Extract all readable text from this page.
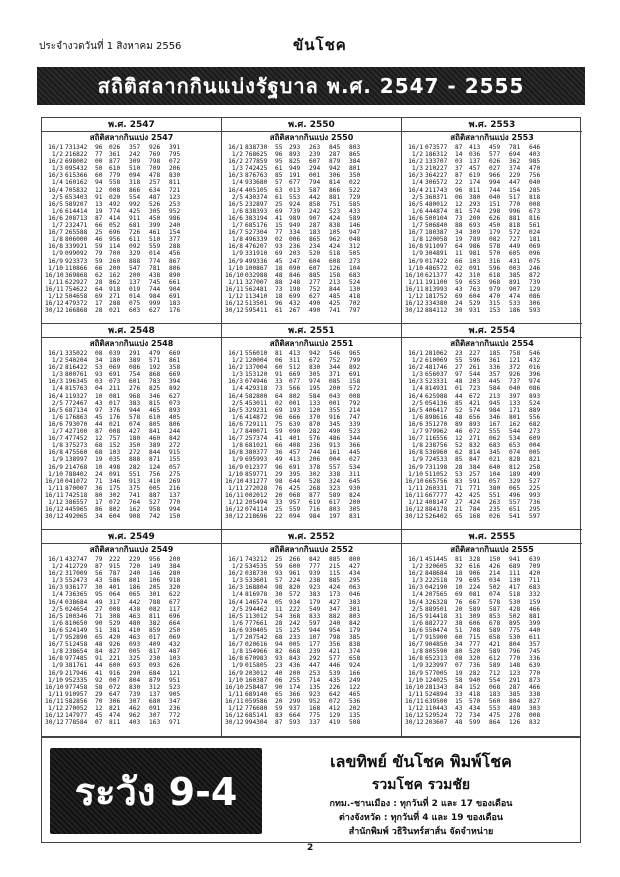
ประจำงวดวันที่ 1 สิงหาคม 2556	ขันโชค
สถิติสลากกินแบ่งรัฐบาล พ.ศ. 2547 - 2555
พ.ศ. 2547
สถิติสลากกินแบ่ง 2547
16/1 731342	96	026	357	926	391
1/2 216822	77	361	242	769	795
16/2 698002	00	877	309	798	072
1/3 095432	50	610	510	709	206
16/3 615366	60	779	094	478	830
1/4 160162	94	558	318	257	811
16/4 705832	12	008	866	634	721
2/5 653403	91	020	554	487	123
16/5 589207	13	492	992	526	253
1/6 614414	19	774	425	305	952
16/6 208713	87	414	911	450	986
1/7 232471	66	052	681	399	240
16/7 265588	25	696	726	461	154
1/8 806000	46	956	611	510	377
16/8 339921	59	114	092	559	288
1/9 099092	79	700	329	014	456
16/9 923373	59	260	888	774	867
1/10 110866	66	200	547	781	806
16/10 369868	62	162	200	438	890
1/11 622927	28	862	137	745	661
16/11 754622	64	918	019	744	904
1/12 504658	69	271	014	984	691
16/12 479372	17	288	075	999	183
30/12 166868	28	021	603	627	176
พ.ศ. 2550
สถิติสลากกินแบ่ง 2550
16/1 838730	55	293	263	845	803
1/2 768625	96	893	239	287	865
16/2 277859	95	825	607	879	384
1/3 742425	61	949	294	942	801
16/3 876763	85	191	001	306	350
1/4 933680	57	677	794	814	022
16/4 405105	63	013	587	866	522
2/5 430374	61	553	442	881	729
16/5 232897	25	924	858	751	585
1/6 838393	69	739	242	523	433
16/6 383194	41	989	907	424	589
1/7 685176	15	949	287	838	146
16/7 527304	77	334	183	105	947
1/8 496339	02	006	865	962	048
16/8 476207	93	236	234	424	312
1/9 331910	69	203	520	518	505
16/9 499336	45	247	604	608	273
1/10 100867	18	090	607	126	104
16/10 032988	48	846	885	158	683
1/11 327007	88	248	277	213	524
16/11 562481	73	198	752	844	130
1/12 113410	18	699	627	485	418
16/12 513501	96	432	490	425	702
30/12 595411	61	267	490	741	797
พ.ศ. 2553
สถิติสลากกินแบ่ง 2553
16/1 073577	87	413	459	781	646
1/2 186312	14	036	577	694	403
16/2 133707	03	137	026	362	985
1/3 210227	37	457	027	374	470
16/3 364227	87	619	966	229	756
1/4 306572	22	174	994	447	040
16/4 211743	96	811	744	154	285
2/5 360371	06	380	040	517	818
16/5 480012	12	293	151	770	008
1/6 444874	81	574	298	996	673
16/6 500104	73	200	626	881	816
1/7 506840	88	693	450	818	561
16/7 180387	34	309	179	572	024
1/8 120058	19	789	082	727	181
16/8 911097	64	986	578	449	069
1/9 304891	11	981	570	605	096
16/9 017422	66	103	316	431	075
1/10 486572	02	091	596	003	246
16/10 621377	42	310	618	385	872
1/11 191100	59	653	968	891	739
16/11 813993	43	763	979	907	129
1/12 181752	69	604	470	474	086
16/12 334380	24	529	315	533	306
30/12 884112	30	931	153	186	593
พ.ศ. 2548
สถิติสลากกินแบ่ง 2548
16/1 335022	08	039	291	479	669
1/2 540204	34	180	389	571	861
16/2 816422	53	069	086	192	358
1/3 800761	93	691	754	868	669
16/3 196345	03	073	601	783	394
1/4 815763	04	211	276	825	892
16/4 119327	10	081	968	346	627
2/5 772467	43	017	383	815	073
16/5 687134	97	376	944	465	893
1/6 176863	45	176	578	610	405
16/6 793070	44	021	074	805	806
1/7 427100	87	008	427	841	244
16/7 477452	12	757	180	460	842
1/8 375273	68	152	350	389	272
16/8 475560	68	103	272	844	915
1/9 138997	19	035	888	871	155
16/9 214768	10	498	282	124	057
1/10 788402	24	091	551	756	275
16/10 041072	71	346	913	410	269
1/11 870007	36	175	375	005	216
16/11 742518	80	302	741	887	137
1/12 386557	17	072	764	527	770
16/12 445965	86	802	162	958	994
30/12 492065	34	604	908	742	150
พ.ศ. 2551
สถิติสลากกินแบ่ง 2551
16/1 556010	81	413	942	546	965
1/2 120004	06	311	672	752	799
16/2 137004	60	512	830	344	892
1/3 153120	91	669	305	371	691
16/3 074946	33	077	974	085	158
1/4 429318	73	566	195	200	572
16/4 582800	64	802	584	043	008
2/5 453011	02	001	133	001	792
16/5 329231	69	193	120	355	214
1/6 414872	96	666	370	916	747
16/6 729111	75	639	870	345	339
1/7 840071	59	090	282	490	523
16/7 257374	41	401	576	486	344
1/8 681021	66	408	236	913	366
16/8 380377	36	457	744	161	445
1/9 695993	49	413	206	004	027
16/9 012377	96	691	378	557	534
1/10 859771	29	395	302	338	311
16/10 431277	98	644	528	324	645
1/11 272028	76	425	268	323	930
16/11 002012	20	068	877	589	824
1/12 205494	33	957	619	617	200
16/12 074114	25	559	716	803	305
30/12 218696	22	094	984	197	831
พ.ศ. 2554
สถิติสลากกินแบ่ง 2554
16/1 281062	23	227	185	758	546
1/2 610069	55	596	361	121	432
16/2 481746	27	261	336	372	016
1/3 656037	97	544	357	926	396
16/3 523331	48	203	445	737	974
1/4 814931	01	723	584	040	086
16/4 625988	44	672	213	397	893
2/5 054136	85	421	945	133	524
16/5 406417	52	574	984	171	889
1/6 898616	48	656	346	801	556
16/6 351270	89	893	167	162	682
1/7 979962	46	072	555	544	273
16/7 116556	12	271	062	534	609
1/8 238756	52	832	683	653	004
16/8 536960	62	814	345	074	005
1/9 724533	85	847	021	828	821
16/9 731198	28	384	640	812	258
1/10 511052	53	257	104	189	499
16/10 665756	83	591	057	329	527
1/11 260331	71	771	380	065	225
16/11 667777	42	425	551	496	993
1/12 408147	27	424	263	557	736
16/12 884178	21	784	235	651	295
30/12 526402	65	168	026	541	597
พ.ศ. 2549
สถิติสลากกินแบ่ง 2549
16/1 432747	79	222	229	956	200
1/2 412729	87	915	720	149	384
16/2 317009	56	787	240	146	280
1/3 552473	43	586	801	106	918
16/3 936177	30	401	186	205	320
1/4 736365	95	064	065	301	622
16/4 038684	49	317	442	788	677
2/5 024654	27	008	438	082	117
16/5 100346	71	308	463	811	696
1/6 810650	90	529	480	382	664
16/6 524149	51	381	410	859	250
1/7 952890	65	420	463	017	069
16/7 512458	48	926	093	409	432
1/8 238654	84	827	005	817	487
16/8 977485	91	221	325	230	103
1/9 381761	44	600	693	093	626
16/9 217946	41	916	290	684	121
1/10 952335	92	007	804	879	951
16/10 977458	58	072	830	312	523
1/11 910957	29	647	739	137	905
16/11 582856	70	306	307	680	347
1/12 270052	12	821	462	091	236
16/12 147977	45	474	962	307	772
30/12 778584	07	811	403	163	971
พ.ศ. 2552
สถิติสลากกินแบ่ง 2552
16/1 743212	25	266	842	885	800
1/2 534535	59	600	777	215	427
16/2 038730	93	961	939	115	434
1/3 533601	57	224	238	885	295
16/3 168804	98	820	923	424	063
1/4 816978	30	572	383	173	046
16/4 146574	05	934	179	427	383
2/5 294462	11	222	549	347	301
16/5 113012	54	368	833	882	803
1/6 777661	28	242	597	240	842
16/6 930405	15	125	944	954	179
1/7 207542	68	233	107	798	385
16/7 020616	94	005	177	356	838
1/8 154966	82	668	239	421	374
16/8 670983	93	843	292	577	658
1/9 015805	23	436	447	446	924
16/9 203012	40	200	253	539	166
1/10 160387	06	255	714	435	249
16/10 258487	90	174	135	226	122
1/11 689140	65	366	923	642	465
16/11 059586	20	299	952	072	536
1/12 776680	59	937	168	412	202
16/12 685141	83	664	775	129	135
30/12 994304	87	593	337	419	508
พ.ศ. 2555
สถิติสลากกินแบ่ง 2555
16/1 451445	81	328	150	941	639
1/2 320605	32	616	426	689	709
16/2 848684	18	906	214	111	420
1/3 222518	79	695	034	130	711
16/3 042190	10	224	502	417	683
1/4 207565	69	081	074	518	332
16/4 326328	76	667	578	530	159
2/5 889501	20	589	587	428	466
16/5 914418	31	309	853	502	881
1/6 882727	38	606	678	895	399
16/6 550474	51	708	589	775	440
1/7 915900	60	715	658	530	611
16/7 904850	34	777	421	804	357
1/8 805590	80	520	589	796	745
16/8 652313	08	320	612	770	336
1/9 323997	07	736	589	148	639
16/9 577005	19	282	712	123	770
1/10 124025	58	940	554	291	873
16/10 281343	84	152	068	287	466
1/11 524894	33	418	183	385	338
16/11 639500	15	570	560	804	827
1/12 110443	43	434	553	489	303
16/12 529524	72	734	475	278	008
30/12 203607	48	599	864	126	832
ระวัง 9-4
เลขทิพย์ ขันโชค พิมพ์โชค
รวมโชค รวมชัย
กทม.-ชานเมือง : ทุกวันที่ 2 และ 17 ของเดือน
ต่างจังหวัด : ทุกวันที่ 4 และ 19 ของเดือน
สำนักพิมพ์ วธิรินทร์สาส์น จัดจำหน่าย
2
